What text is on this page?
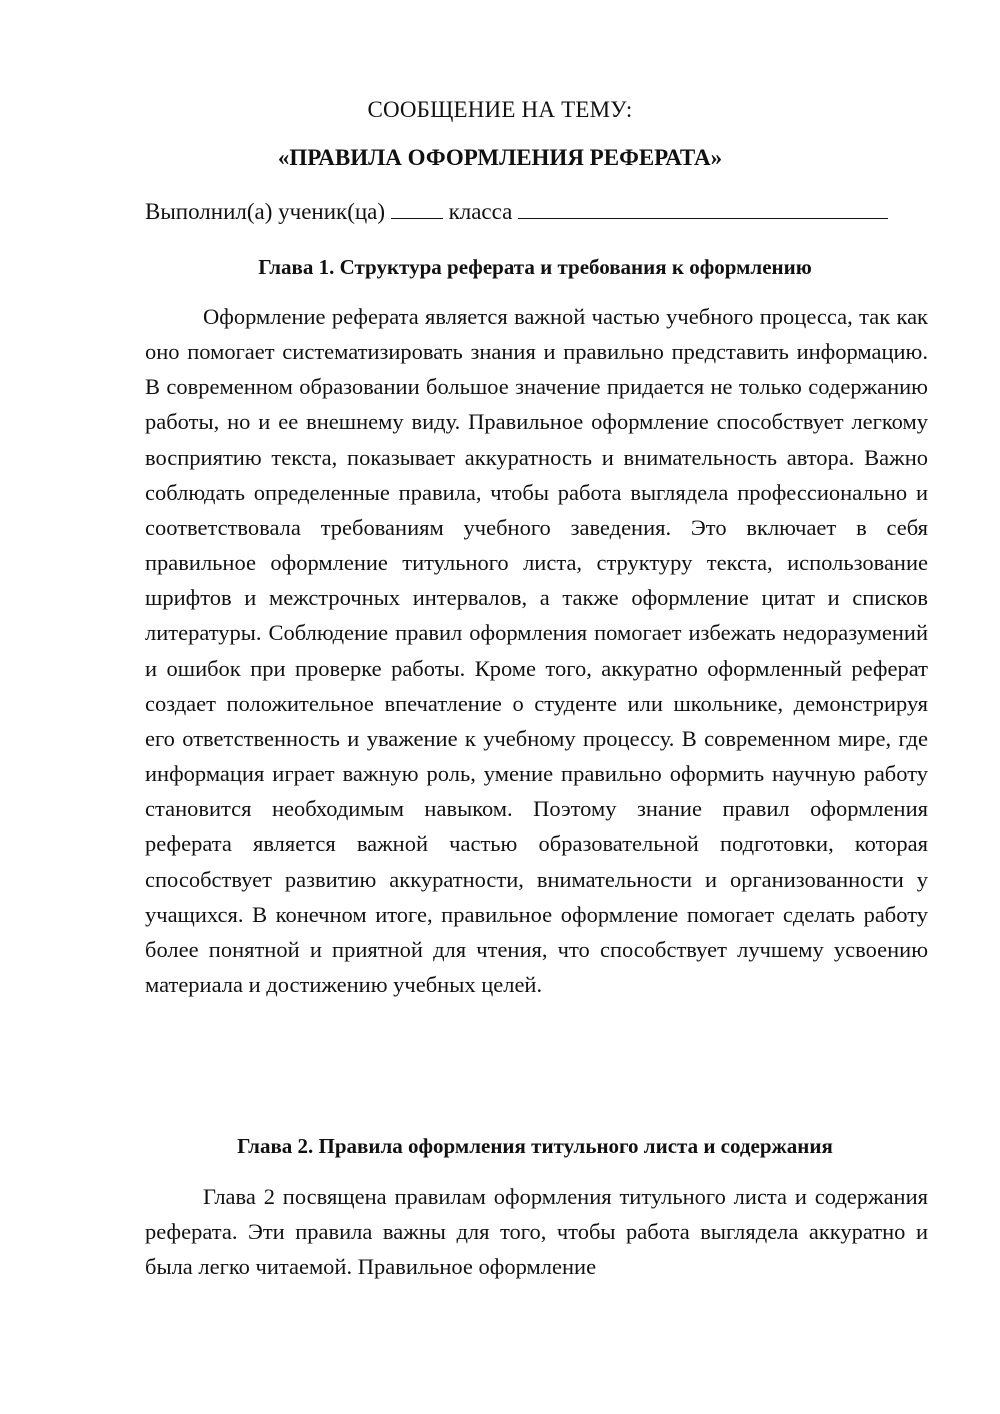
СООБЩЕНИЕ НА ТЕМУ:
«ПРАВИЛА ОФОРМЛЕНИЯ РЕФЕРАТА»
Выполнил(а) ученик(ца)	класса
Глава 1. Структура реферата и требования к оформлению

Оформление реферата является важной частью учебного процесса, так как оно помогает систематизировать знания и правильно представить информацию. В современном образовании большое значение придается не только содержанию работы, но и ее внешнему виду. Правильное оформление способствует легкому восприятию текста, показывает аккуратность и внимательность автора. Важно соблюдать определенные правила, чтобы работа выглядела профессионально и соответствовала требованиям учебного заведения. Это включает в себя правильное оформление титульного листа, структуру текста, использование шрифтов и межстрочных интервалов, а также оформление цитат и списков литературы. Соблюдение правил оформления помогает избежать недоразумений и ошибок при проверке работы. Кроме того, аккуратно оформленный реферат создает положительное впечатление о студенте или школьнике, демонстрируя его ответственность и уважение к учебному процессу. В современном мире, где информация играет важную роль, умение правильно оформить научную работу становится необходимым навыком. Поэтому знание правил оформления реферата является важной частью образовательной подготовки, которая способствует развитию аккуратности, внимательности и организованности у учащихся. В конечном итоге, правильное оформление помогает сделать работу более понятной и приятной для чтения, что способствует лучшему усвоению материала и достижению учебных целей.

Глава 2. Правила оформления титульного листа и содержания

Глава 2 посвящена правилам оформления титульного листа и содержания реферата. Эти правила важны для того, чтобы работа выглядела аккуратно и была легко читаемой. Правильное оформление
